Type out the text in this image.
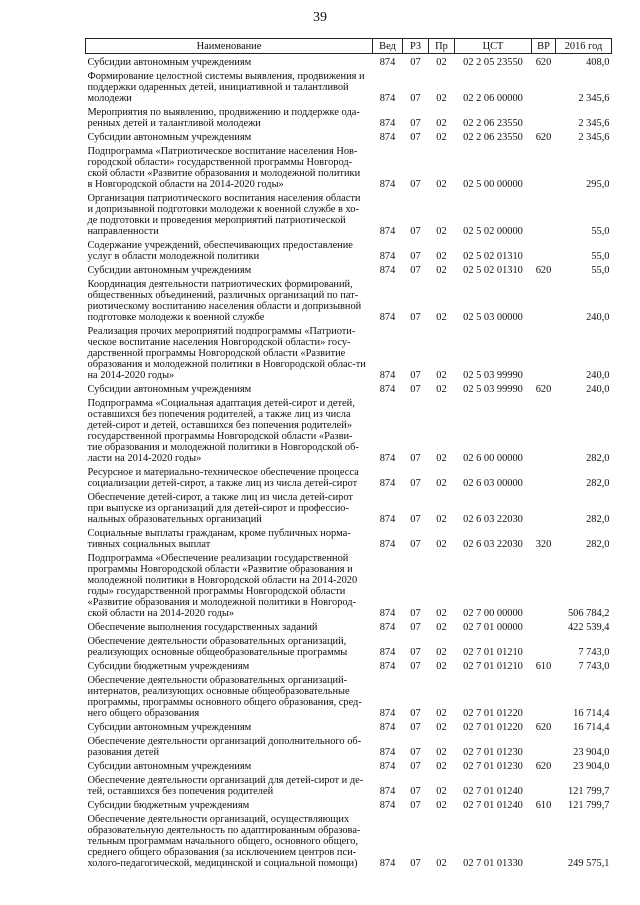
39
Наименование	Вед	РЗ	Пр	ЦСТ	ВР	2016 год
Субсидии автономным учреждениям	874	07	02	02 2 05 23550	620	408,0
Формирование целостной системы выявления, продвижения и поддержки одаренных детей, инициативной и талантливой молодежи	874	07	02	02 2 06 00000		2 345,6
Мероприятия по выявлению, продвижению и поддержке ода-ренных детей и талантливой молодежи	874	07	02	02 2 06 23550		2 345,6
Субсидии автономным учреждениям	874	07	02	02 2 06 23550	620	2 345,6
Подпрограмма «Патриотическое воспитание населения Нов-городской области» государственной программы Новгород-ской области «Развитие образования и молодежной политики в Новгородской области на 2014-2020 годы»	874	07	02	02 5 00 00000		295,0
Организация патриотического воспитания населения области и допризывной подготовки молодежи к военной службе в хо-де подготовки и проведения мероприятий патриотической направленности	874	07	02	02 5 02 00000		55,0
Содержание учреждений, обеспечивающих предоставление услуг в области молодежной политики	874	07	02	02 5 02 01310		55,0
Субсидии автономным учреждениям	874	07	02	02 5 02 01310	620	55,0
Координация деятельности патриотических формирований, общественных объединений, различных организаций по пат-риотическому воспитанию населения области и допризывной подготовке молодежи к военной службе	874	07	02	02 5 03 00000		240,0
Реализация прочих мероприятий подпрограммы «Патриоти-ческое воспитание населения Новгородской области» госу-дарственной программы Новгородской области «Развитие образования и молодежной политики в Новгородской облас-ти на 2014-2020 годы»	874	07	02	02 5 03 99990		240,0
Субсидии автономным учреждениям	874	07	02	02 5 03 99990	620	240,0
Подпрограмма «Социальная адаптация детей-сирот и детей, оставшихся без попечения родителей, а также лиц из числа детей-сирот и детей, оставшихся без попечения родителей» государственной программы Новгородской области «Разви-тие образования и молодежной политики в Новгородской об-ласти на 2014-2020 годы»	874	07	02	02 6 00 00000		282,0
Ресурсное и материально-техническое обеспечение процесса социализации детей-сирот, а также лиц из числа детей-сирот	874	07	02	02 6 03 00000		282,0
Обеспечение детей-сирот, а также лиц из числа детей-сирот при выпуске из организаций для детей-сирот и профессио-нальных образовательных организаций	874	07	02	02 6 03 22030		282,0
Социальные выплаты гражданам, кроме публичных норма-тивных социальных выплат	874	07	02	02 6 03 22030	320	282,0
Подпрограмма «Обеспечение реализации государственной программы Новгородской области «Развитие образования и молодежной политики в Новгородской области на 2014-2020 годы» государственной программы Новгородской области «Развитие образования и молодежной политики в Новгород-ской области на 2014-2020 годы»	874	07	02	02 7 00 00000		506 784,2
Обеспечение выполнения государственных заданий	874	07	02	02 7 01 00000		422 539,4
Обеспечение деятельности образовательных организаций, реализующих основные общеобразовательные программы	874	07	02	02 7 01 01210		7 743,0
Субсидии бюджетным учреждениям	874	07	02	02 7 01 01210	610	7 743,0
Обеспечение деятельности образовательных организаций-интернатов, реализующих основные общеобразовательные программы, программы основного общего образования, сред-него общего образования	874	07	02	02 7 01 01220		16 714,4
Субсидии автономным учреждениям	874	07	02	02 7 01 01220	620	16 714,4
Обеспечение деятельности организаций дополнительного об-разования детей	874	07	02	02 7 01 01230		23 904,0
Субсидии автономным учреждениям	874	07	02	02 7 01 01230	620	23 904,0
Обеспечение деятельности организаций для детей-сирот и де-тей, оставшихся без попечения родителей	874	07	02	02 7 01 01240		121 799,7
Субсидии бюджетным учреждениям	874	07	02	02 7 01 01240	610	121 799,7
Обеспечение деятельности организаций, осуществляющих образовательную деятельность по адаптированным образова-тельным программам начального общего, основного общего, среднего общего образования (за исключением центров пси-холого-педагогической, медицинской и социальной помощи)	874	07	02	02 7 01 01330		249 575,1
